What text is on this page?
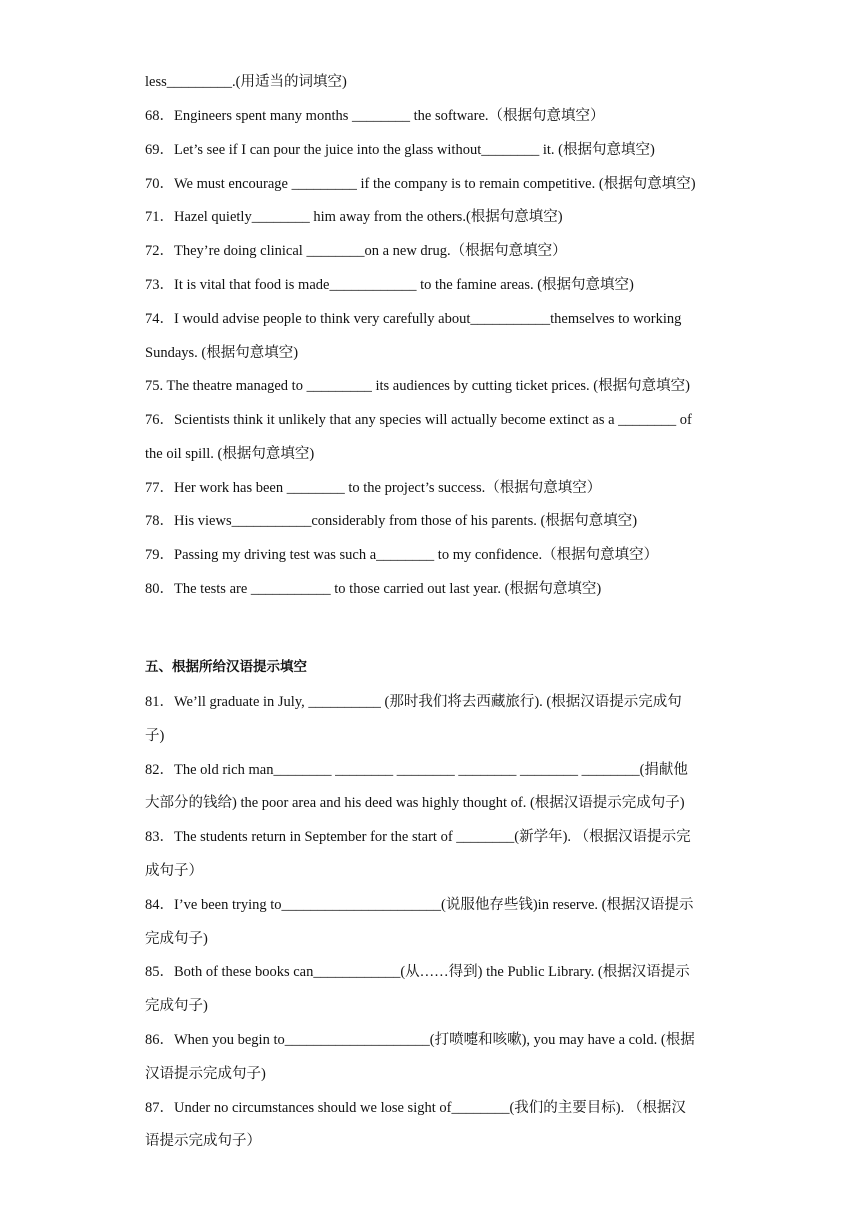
less_________.(用适当的词填空)
68．Engineers spent many months ________ the software.（根据句意填空）
69．Let’s see if I can pour the juice into the glass without________ it. (根据句意填空)
70．We must encourage _________ if the company is to remain competitive. (根据句意填空)
71．Hazel quietly________ him away from the others.(根据句意填空)
72．They’re doing clinical ________on a new drug.（根据句意填空）
73．It is vital that food is made____________ to the famine areas. (根据句意填空)
74．I would advise people to think very carefully about___________themselves to working
Sundays. (根据句意填空)
75. The theatre managed to _________ its audiences by cutting ticket prices. (根据句意填空)
76．Scientists think it unlikely that any species will actually become extinct as a ________ of
the oil spill. (根据句意填空)
77．Her work has been ________ to the project’s success.（根据句意填空）
78．His views___________considerably from those of his parents. (根据句意填空)
79．Passing my driving test was such a________ to my confidence.（根据句意填空）
80．The tests are ___________ to those carried out last year. (根据句意填空)
五、根据所给汉语提示填空
81．We’ll graduate in July, __________ (那时我们将去西藏旅行). (根据汉语提示完成句
子)
82．The old rich man________ ________ ________ ________ ________ ________(捐献他
大部分的钱给) the poor area and his deed was highly thought of. (根据汉语提示完成句子)
83．The students return in September for the start of ________(新学年). （根据汉语提示完
成句子）
84．I’ve been trying to______________________(说服他存些钱)in reserve. (根据汉语提示
完成句子)
85．Both of these books can____________(从……得到) the Public Library. (根据汉语提示
完成句子)
86．When you begin to____________________(打喷嚏和咳嗽), you may have a cold. (根据
汉语提示完成句子)
87．Under no circumstances should we lose sight of________(我们的主要目标). （根据汉
语提示完成句子）
